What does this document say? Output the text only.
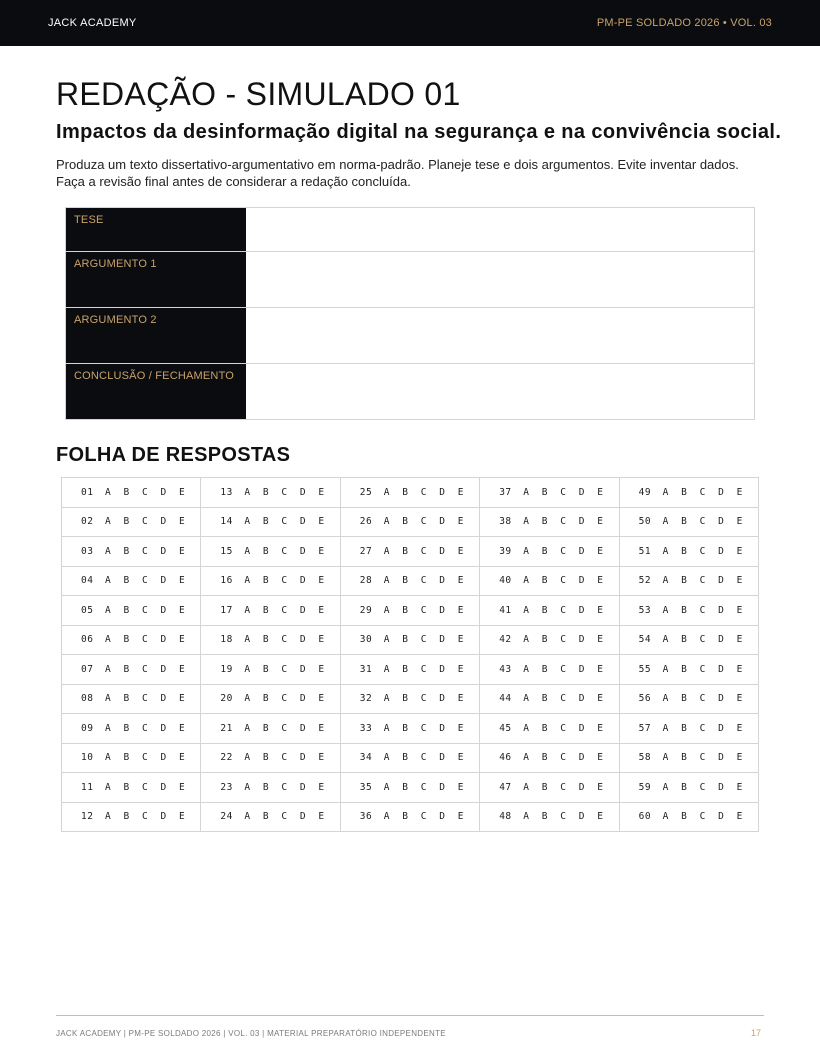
JACK ACADEMY	PM-PE SOLDADO 2026 • VOL. 03
REDAÇÃO - SIMULADO 01
Impactos da desinformação digital na segurança e na convivência social.

Produza um texto dissertativo-argumentativo em norma-padrão. Planeje tese e dois argumentos. Evite inventar dados. Faça a revisão final antes de considerar a redação concluída.

TESE
ARGUMENTO 1
ARGUMENTO 2
CONCLUSÃO / FECHAMENTO
FOLHA DE RESPOSTAS
01	A	B	C	D	E	13	A	B	C	D	E	25	A	B	C	D	E	37	A	B	C	D	E	49	A	B	C	D	E
02	A	B	C	D	E	14	A	B	C	D	E	26	A	B	C	D	E	38	A	B	C	D	E	50	A	B	C	D	E
03	A	B	C	D	E	15	A	B	C	D	E	27	A	B	C	D	E	39	A	B	C	D	E	51	A	B	C	D	E
04	A	B	C	D	E	16	A	B	C	D	E	28	A	B	C	D	E	40	A	B	C	D	E	52	A	B	C	D	E
05	A	B	C	D	E	17	A	B	C	D	E	29	A	B	C	D	E	41	A	B	C	D	E	53	A	B	C	D	E
06	A	B	C	D	E	18	A	B	C	D	E	30	A	B	C	D	E	42	A	B	C	D	E	54	A	B	C	D	E
07	A	B	C	D	E	19	A	B	C	D	E	31	A	B	C	D	E	43	A	B	C	D	E	55	A	B	C	D	E
08	A	B	C	D	E	20	A	B	C	D	E	32	A	B	C	D	E	44	A	B	C	D	E	56	A	B	C	D	E
09	A	B	C	D	E	21	A	B	C	D	E	33	A	B	C	D	E	45	A	B	C	D	E	57	A	B	C	D	E
10	A	B	C	D	E	22	A	B	C	D	E	34	A	B	C	D	E	46	A	B	C	D	E	58	A	B	C	D	E
11	A	B	C	D	E	23	A	B	C	D	E	35	A	B	C	D	E	47	A	B	C	D	E	59	A	B	C	D	E
12	A	B	C	D	E	24	A	B	C	D	E	36	A	B	C	D	E	48	A	B	C	D	E	60	A	B	C	D	E
JACK ACADEMY | PM-PE SOLDADO 2026 | VOL. 03 | MATERIAL PREPARATÓRIO INDEPENDENTE	17
